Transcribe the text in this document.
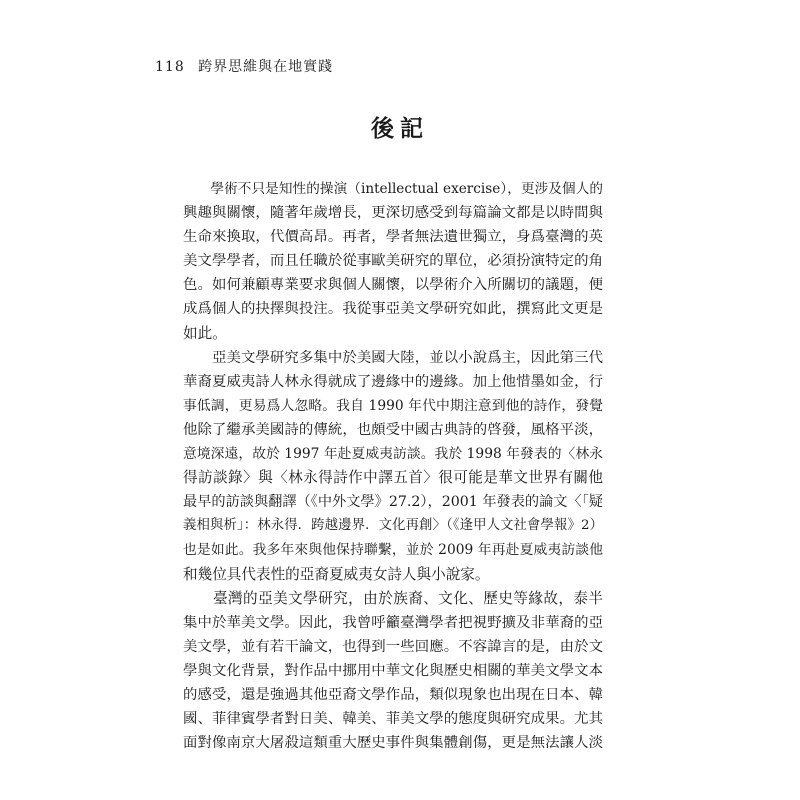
118 跨界思維與在地實踐
後記
　　學術不只是知性的操演（intellectual exercise），更涉及個人的
興趣與關懷，隨著年歲增長，更深切感受到每篇論文都是以時間與
生命來換取，代價高昂。再者，學者無法遺世獨立，身爲臺灣的英
美文學學者，而且任職於從事歐美研究的單位，必須扮演特定的角
色。如何兼顧專業要求與個人關懷，以學術介入所關切的議題，便
成爲個人的抉擇與投注。我從事亞美文學研究如此，撰寫此文更是
如此。
　　亞美文學研究多集中於美國大陸，並以小說爲主，因此第三代
華裔夏威夷詩人林永得就成了邊緣中的邊緣。加上他惜墨如金，行
事低調，更易爲人忽略。我自 1990 年代中期注意到他的詩作，發覺
他除了繼承美國詩的傳統，也頗受中國古典詩的啓發，風格平淡，
意境深遠，故於 1997 年赴夏威夷訪談。我於 1998 年發表的〈林永
得訪談錄〉與〈林永得詩作中譯五首〉很可能是華文世界有關他
最早的訪談與翻譯（《中外文學》27.2），2001 年發表的論文〈「疑
義相與析」：林永得．跨越邊界．文化再創〉（《逢甲人文社會學報》2）
也是如此。我多年來與他保持聯繫，並於 2009 年再赴夏威夷訪談他
和幾位具代表性的亞裔夏威夷女詩人與小說家。
　　臺灣的亞美文學研究，由於族裔、文化、歷史等緣故，泰半
集中於華美文學。因此，我曾呼籲臺灣學者把視野擴及非華裔的亞
美文學，並有若干論文，也得到一些回應。不容諱言的是，由於文
學與文化背景，對作品中挪用中華文化與歷史相關的華美文學文本
的感受，還是強過其他亞裔文學作品，類似現象也出現在日本、韓
國、菲律賓學者對日美、韓美、菲美文學的態度與研究成果。尤其
面對像南京大屠殺這類重大歷史事件與集體創傷，更是無法讓人淡
